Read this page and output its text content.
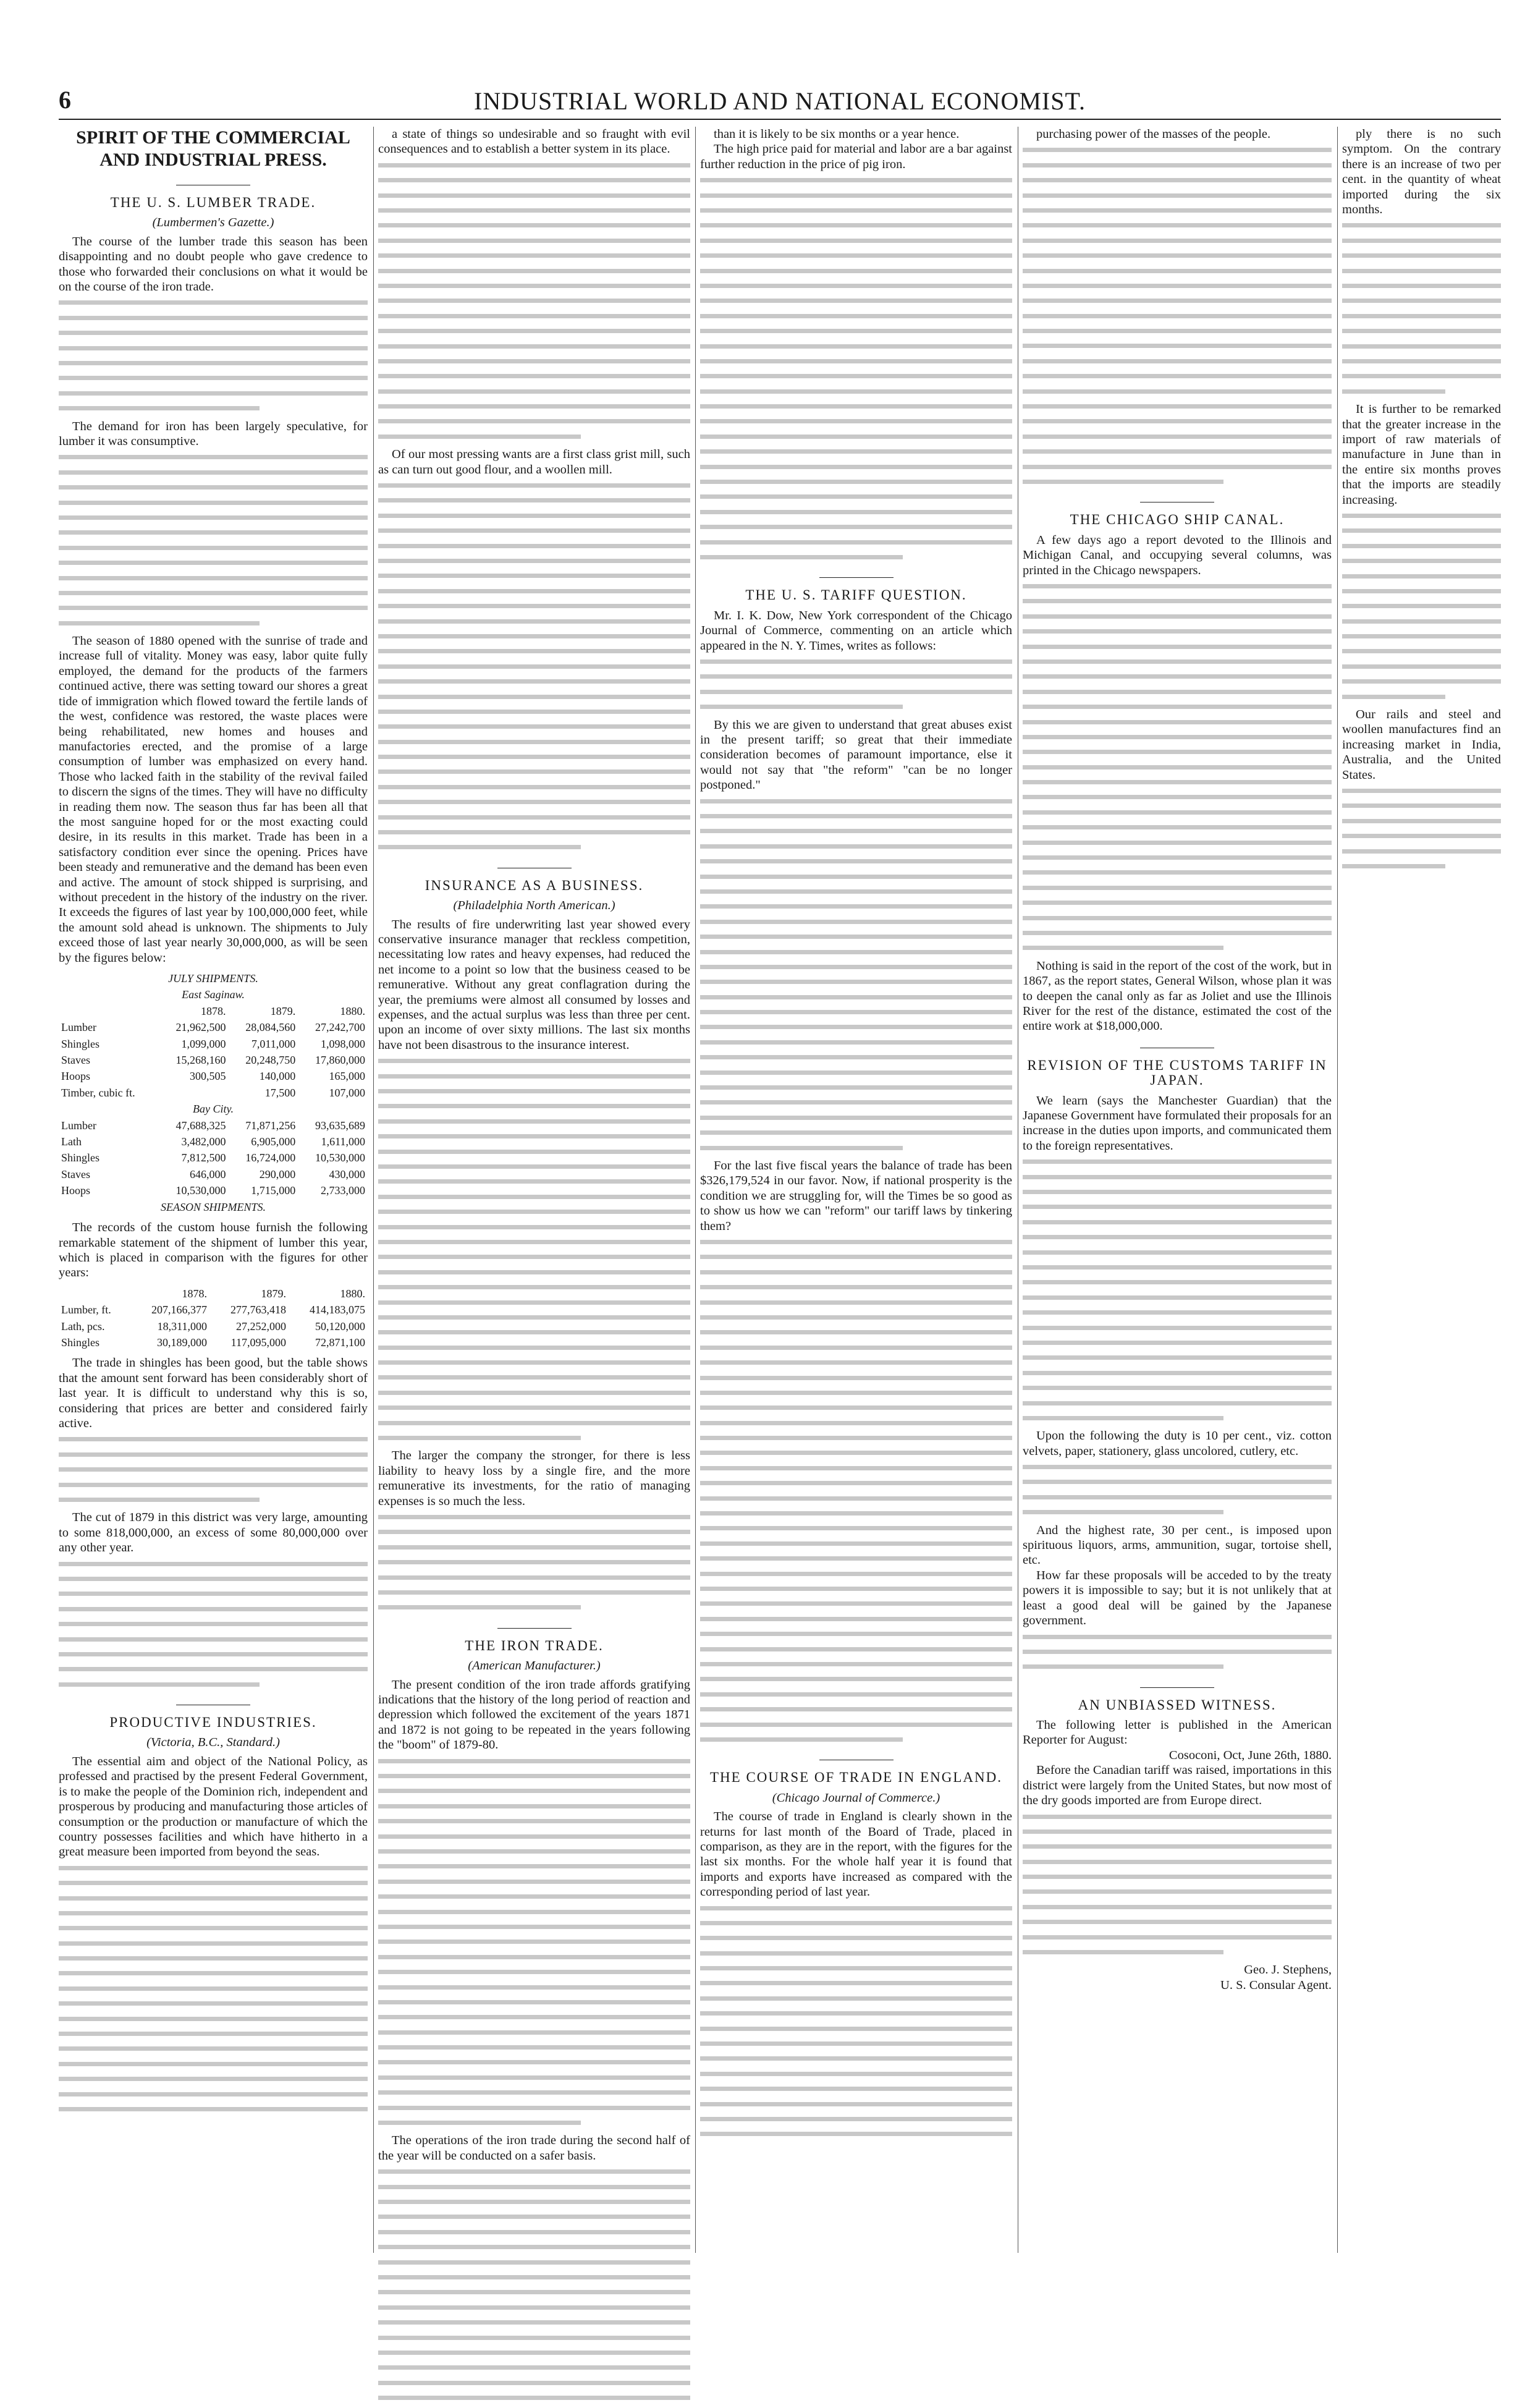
6	INDUSTRIAL WORLD AND NATIONAL ECONOMIST.
SPIRIT OF THE COMMERCIAL AND INDUSTRIAL PRESS.
THE U. S. LUMBER TRADE.
(Lumbermen's Gazette.)

The course of the lumber trade this season has been disappointing and no doubt people who gave credence to those who forwarded their conclusions on what it would be on the course of the iron trade.

The demand for iron has been largely speculative, for lumber it was consumptive.

The season of 1880 opened with the sunrise of trade and increase full of vitality. Money was easy, labor quite fully employed, the demand for the products of the farmers continued active, there was setting toward our shores a great tide of immigration which flowed toward the fertile lands of the west, confidence was restored, the waste places were being rehabilitated, new homes and houses and manufactories erected, and the promise of a large consumption of lumber was emphasized on every hand. Those who lacked faith in the stability of the revival failed to discern the signs of the times. They will have no difficulty in reading them now. The season thus far has been all that the most sanguine hoped for or the most exacting could desire, in its results in this market. Trade has been in a satisfactory condition ever since the opening. Prices have been steady and remunerative and the demand has been even and active. The amount of stock shipped is surprising, and without precedent in the history of the industry on the river. It exceeds the figures of last year by 100,000,000 feet, while the amount sold ahead is unknown. The shipments to July exceed those of last year nearly 30,000,000, as will be seen by the figures below:

JULY SHIPMENTS.			
East Saginaw.			
	1878.	1879.	1880.
Lumber	21,962,500	28,084,560	27,242,700
Shingles	1,099,000	7,011,000	1,098,000
Staves	15,268,160	20,248,750	17,860,000
Hoops	300,505	140,000	165,000
Timber, cubic ft.		17,500	107,000
Bay City.			
Lumber	47,688,325	71,871,256	93,635,689
Lath	3,482,000	6,905,000	1,611,000
Shingles	7,812,500	16,724,000	10,530,000
Staves	646,000	290,000	430,000
Hoops	10,530,000	1,715,000	2,733,000
SEASON SHIPMENTS.			

The records of the custom house furnish the following remarkable statement of the shipment of lumber this year, which is placed in comparison with the figures for other years:

	1878.	1879.	1880.
Lumber, ft.	207,166,377	277,763,418	414,183,075
Lath, pcs.	18,311,000	27,252,000	50,120,000
Shingles	30,189,000	117,095,000	72,871,100

The trade in shingles has been good, but the table shows that the amount sent forward has been considerably short of last year. It is difficult to understand why this is so, considering that prices are better and considered fairly active.

The cut of 1879 in this district was very large, amounting to some 818,000,000, an excess of some 80,000,000 over any other year.

PRODUCTIVE INDUSTRIES.
(Victoria, B.C., Standard.)

The essential aim and object of the National Policy, as professed and practised by the present Federal Government, is to make the people of the Dominion rich, independent and prosperous by producing and manufacturing those articles of consumption or the production or manufacture of which the country possesses facilities and which have hitherto in a great measure been imported from beyond the seas.

a state of things so undesirable and so fraught with evil consequences and to establish a better system in its place.

Of our most pressing wants are a first class grist mill, such as can turn out good flour, and a woollen mill.

INSURANCE AS A BUSINESS.
(Philadelphia North American.)

The results of fire underwriting last year showed every conservative insurance manager that reckless competition, necessitating low rates and heavy expenses, had reduced the net income to a point so low that the business ceased to be remunerative. Without any great conflagration during the year, the premiums were almost all consumed by losses and expenses, and the actual surplus was less than three per cent. upon an income of over sixty millions. The last six months have not been disastrous to the insurance interest.

The larger the company the stronger, for there is less liability to heavy loss by a single fire, and the more remunerative its investments, for the ratio of managing expenses is so much the less.

THE IRON TRADE.
(American Manufacturer.)

The present condition of the iron trade affords gratifying indications that the history of the long period of reaction and depression which followed the excitement of the years 1871 and 1872 is not going to be repeated in the years following the "boom" of 1879-80.

The operations of the iron trade during the second half of the year will be conducted on a safer basis.

than it is likely to be six months or a year hence.

The high price paid for material and labor are a bar against further reduction in the price of pig iron.

THE U. S. TARIFF QUESTION.

Mr. I. K. Dow, New York correspondent of the Chicago Journal of Commerce, commenting on an article which appeared in the N. Y. Times, writes as follows:

By this we are given to understand that great abuses exist in the present tariff; so great that their immediate consideration becomes of paramount importance, else it would not say that "the reform" "can be no longer postponed."

For the last five fiscal years the balance of trade has been $326,179,524 in our favor. Now, if national prosperity is the condition we are struggling for, will the Times be so good as to show us how we can "reform" our tariff laws by tinkering them?

THE COURSE OF TRADE IN ENGLAND.
(Chicago Journal of Commerce.)

The course of trade in England is clearly shown in the returns for last month of the Board of Trade, placed in comparison, as they are in the report, with the figures for the last six months. For the whole half year it is found that imports and exports have increased as compared with the corresponding period of last year.

purchasing power of the masses of the people.

THE CHICAGO SHIP CANAL.

A few days ago a report devoted to the Illinois and Michigan Canal, and occupying several columns, was printed in the Chicago newspapers.

Nothing is said in the report of the cost of the work, but in 1867, as the report states, General Wilson, whose plan it was to deepen the canal only as far as Joliet and use the Illinois River for the rest of the distance, estimated the cost of the entire work at $18,000,000.

REVISION OF THE CUSTOMS TARIFF IN JAPAN.

We learn (says the Manchester Guardian) that the Japanese Government have formulated their proposals for an increase in the duties upon imports, and communicated them to the foreign representatives.

Upon the following the duty is 10 per cent., viz. cotton velvets, paper, stationery, glass uncolored, cutlery, etc.

And the highest rate, 30 per cent., is imposed upon spirituous liquors, arms, ammunition, sugar, tortoise shell, etc.

How far these proposals will be acceded to by the treaty powers it is impossible to say; but it is not unlikely that at least a good deal will be gained by the Japanese government.

AN UNBIASSED WITNESS.

The following letter is published in the American Reporter for August:

Cosoconi, Oct, June 26th, 1880.

Before the Canadian tariff was raised, importations in this district were largely from the United States, but now most of the dry goods imported are from Europe direct.

Geo. J. Stephens,
U. S. Consular Agent.

ply there is no such symptom. On the contrary there is an increase of two per cent. in the quantity of wheat imported during the six months.

It is further to be remarked that the greater increase in the import of raw materials of manufacture in June than in the entire six months proves that the imports are steadily increasing.

Our rails and steel and woollen manufactures find an increasing market in India, Australia, and the United States.
